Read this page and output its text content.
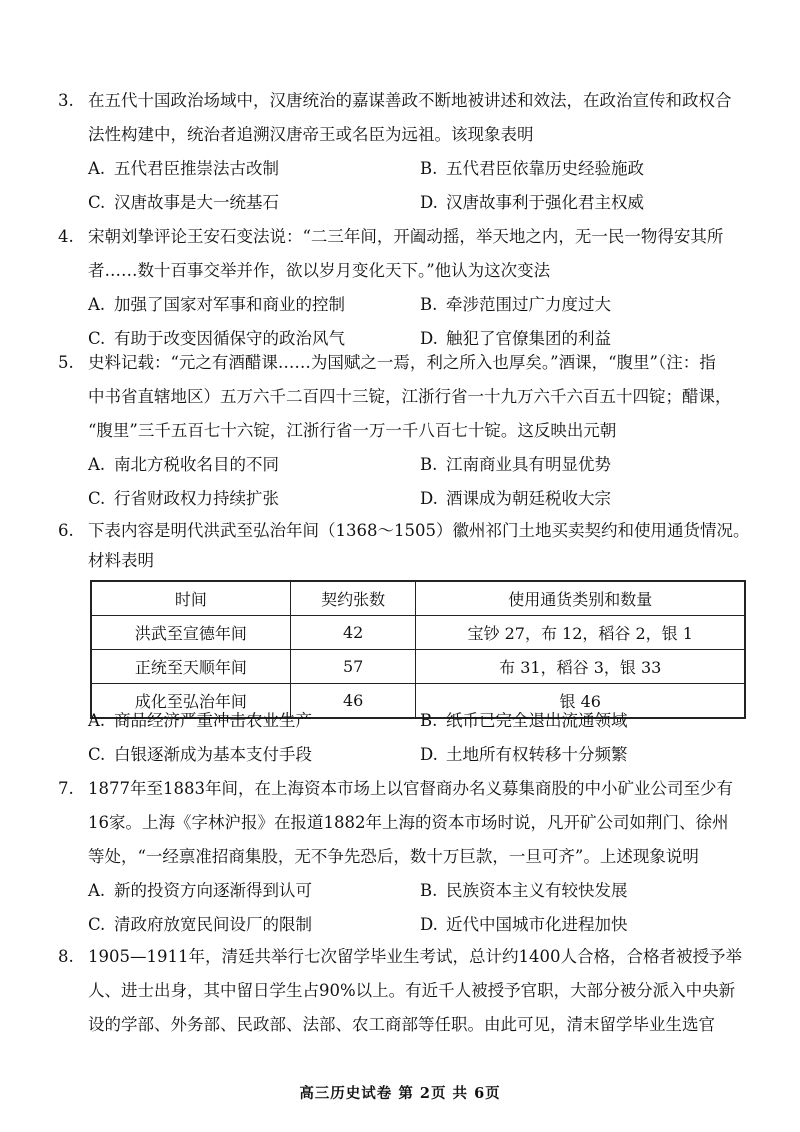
3. 在五代十国政治场域中，汉唐统治的嘉谋善政不断地被讲述和效法，在政治宣传和政权合
法性构建中，统治者追溯汉唐帝王或名臣为远祖。该现象表明
A. 五代君臣推崇法古改制	B. 五代君臣依靠历史经验施政
C. 汉唐故事是大一统基石	D. 汉唐故事利于强化君主权威
4. 宋朝刘挚评论王安石变法说：“二三年间，开阖动摇，举天地之内，无一民一物得安其所
者……数十百事交举并作，欲以岁月变化天下。”他认为这次变法
A. 加强了国家对军事和商业的控制	B. 牵涉范围过广力度过大
C. 有助于改变因循保守的政治风气	D. 触犯了官僚集团的利益
5. 史料记载：“元之有酒醋课……为国赋之一焉，利之所入也厚矣。”酒课，“腹里”（注：指
中书省直辖地区）五万六千二百四十三锭，江浙行省一十九万六千六百五十四锭；醋课，
“腹里”三千五百七十六锭，江浙行省一万一千八百七十锭。这反映出元朝
A. 南北方税收名目的不同	B. 江南商业具有明显优势
C. 行省财政权力持续扩张	D. 酒课成为朝廷税收大宗
6. 下表内容是明代洪武至弘治年间（1368～1505）徽州祁门土地买卖契约和使用通货情况。
材料表明
时间	契约张数	使用通货类别和数量
洪武至宣德年间	42	宝钞 27，布 12，稻谷 2，银 1
正统至天顺年间	57	布 31，稻谷 3，银 33
成化至弘治年间	46	银 46
A. 商品经济严重冲击农业生产	B. 纸币已完全退出流通领域
C. 白银逐渐成为基本支付手段	D. 土地所有权转移十分频繁
7. 1877年至1883年间，在上海资本市场上以官督商办名义募集商股的中小矿业公司至少有
16家。上海《字林沪报》在报道1882年上海的资本市场时说，凡开矿公司如荆门、徐州
等处，“一经禀准招商集股，无不争先恐后，数十万巨款，一旦可齐”。上述现象说明
A. 新的投资方向逐渐得到认可	B. 民族资本主义有较快发展
C. 清政府放宽民间设厂的限制	D. 近代中国城市化进程加快
8. 1905—1911年，清廷共举行七次留学毕业生考试，总计约1400人合格，合格者被授予举
人、进士出身，其中留日学生占90%以上。有近千人被授予官职，大部分被分派入中央新
设的学部、外务部、民政部、法部、农工商部等任职。由此可见，清末留学毕业生选官
高三历史试卷 第 2页 共 6页
